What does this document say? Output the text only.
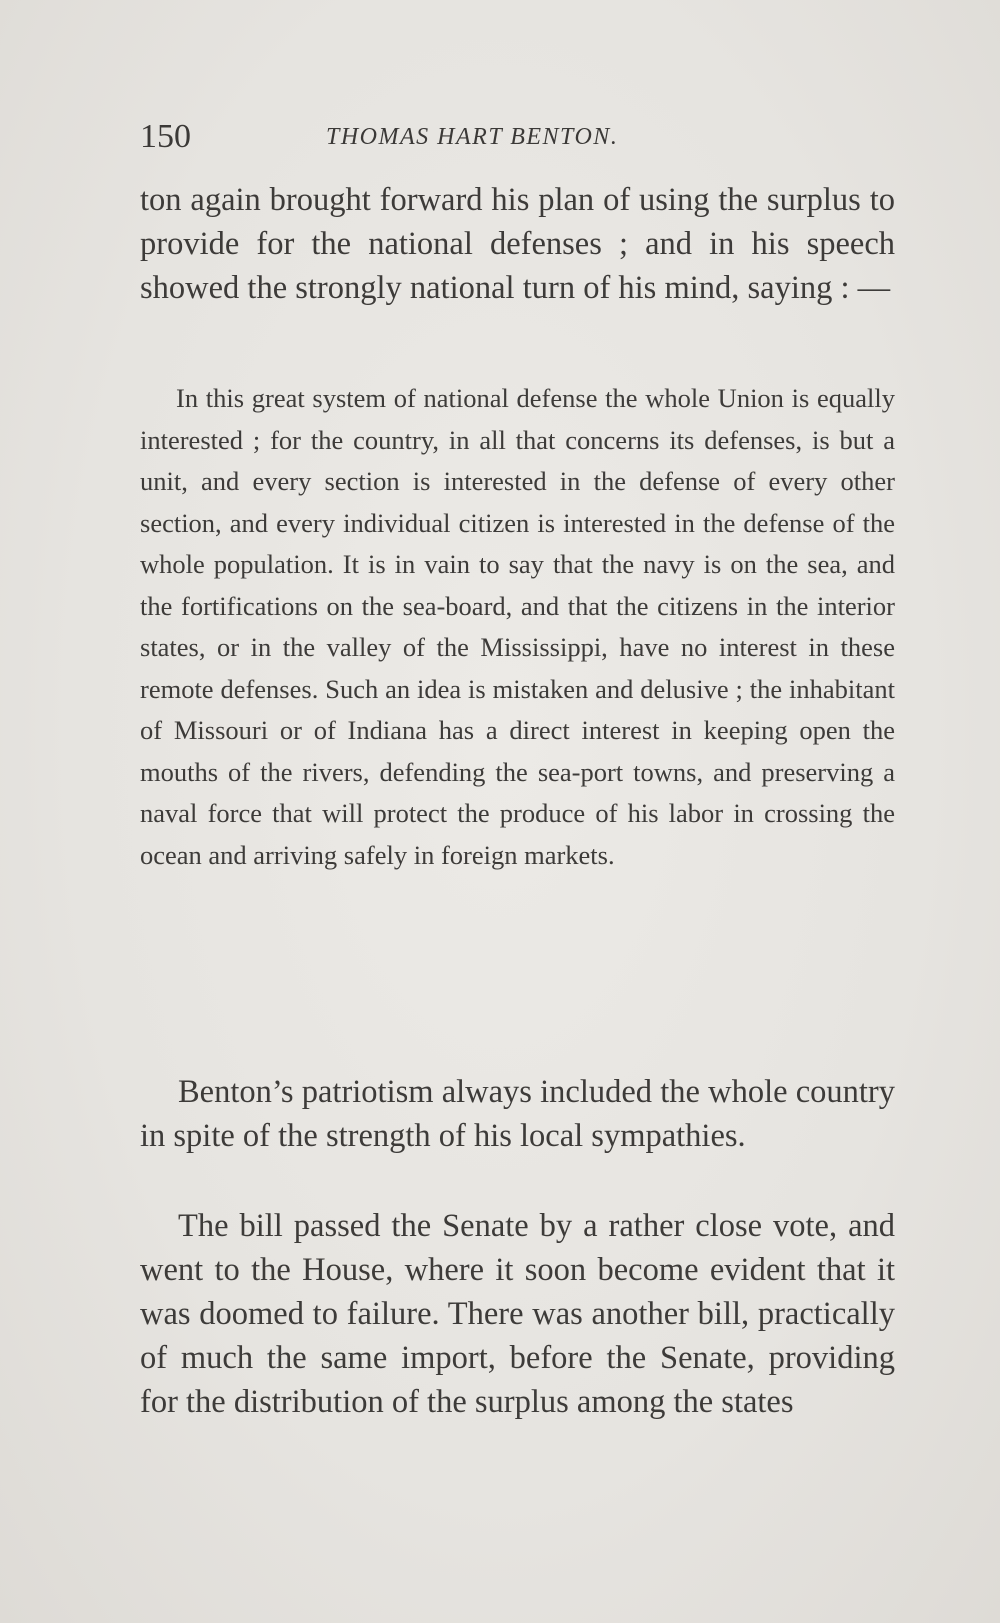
150	THOMAS HART BENTON.

ton again brought forward his plan of using the surplus to provide for the national defenses ; and in his speech showed the strongly national turn of his mind, saying : —

In this great system of national defense the whole Union is equally interested ; for the country, in all that concerns its defenses, is but a unit, and every section is interested in the defense of every other section, and every individual citizen is interested in the defense of the whole population. It is in vain to say that the navy is on the sea, and the fortifications on the sea-board, and that the citizens in the interior states, or in the valley of the Mississippi, have no interest in these remote defenses. Such an idea is mistaken and delusive ; the inhabitant of Missouri or of Indiana has a direct interest in keeping open the mouths of the rivers, defending the sea-port towns, and preserving a naval force that will protect the produce of his labor in crossing the ocean and arriving safely in foreign markets.

Benton’s patriotism always included the whole country in spite of the strength of his local sympathies.

The bill passed the Senate by a rather close vote, and went to the House, where it soon become evident that it was doomed to failure. There was another bill, practically of much the same import, before the Senate, providing for the distribution of the surplus among the states
